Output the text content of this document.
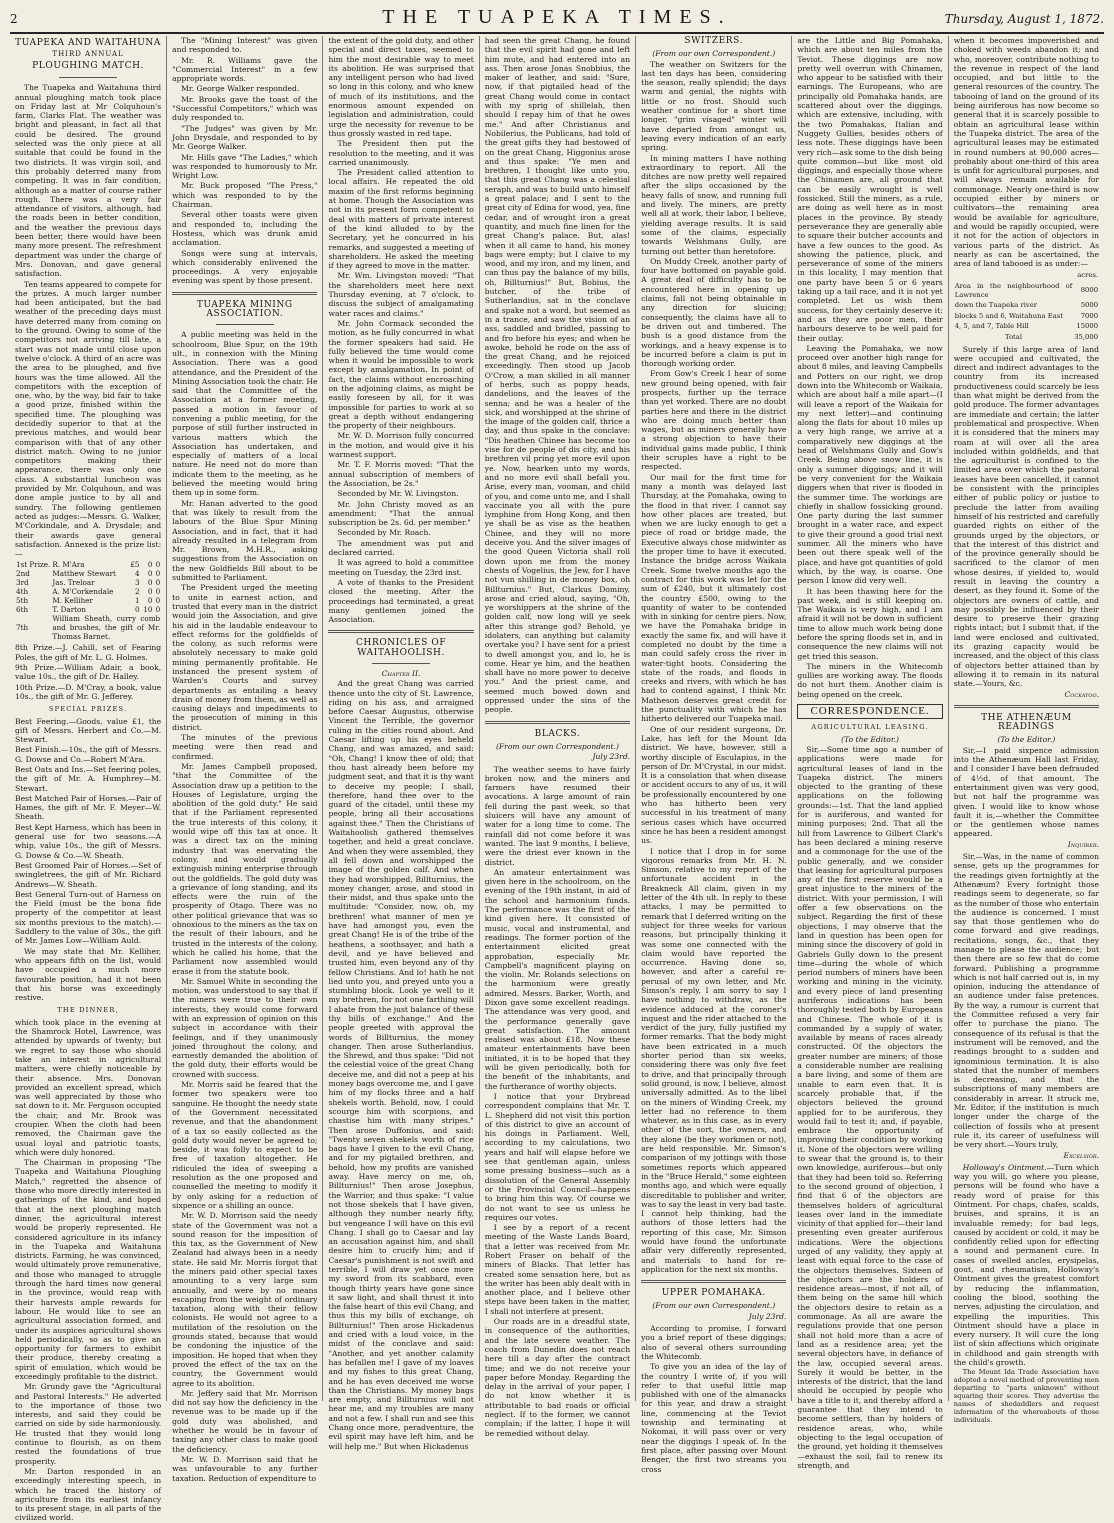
2	THE TUAPEKA TIMES.	Thursday, August 1, 1872.
TUAPEKA AND WAITAHUNA
THIRD ANNUAL
PLOUGHING MATCH.

The Tuapeka and Waitahuna third annual ploughing match took place on Friday last at Mr Colquhoun's farm, Clarks Flat. The weather was bright and pleasant, in fact all that could be desired. The ground selected was the only piece at all suitable that could be found in the two districts. It was virgin soil, and this probably deterred many from competing. It was in fair condition, although as a matter of course rather rough. There was a very fair attendance of visitors, although, had the roads been in better condition, and the weather the previous days been better, there would have been many more present. The refreshment department was under the charge of Mrs. Donovan, and gave general satisfaction.

Ten teams appeared to compete for the prizes. A much larger number had been anticipated, but the bad weather of the preceding days must have deterred many from coming on to the ground. Owing to some of the competitors not arriving till late, a start was not made until close upon twelve o'clock. A third of an acre was the area to be ploughed, and five hours was the time allowed. All the competitors with the exception of one, who, by the way, bid fair to take a good prize, finished within the specified time. The ploughing was decidedly superior to that at the previous matches, and would bear comparison with that of any other district match. Owing to no junior competitors making their appearance, there was only one class. A substantial luncheon was provided by Mr. Colquhoun, and was done ample justice to by all and sundry. The following gentlemen acted as judges:—Messrs. G. Walker, M'Corkindale, and A. Drysdale; and their awards gave general satisfaction. Annexed is the prize list:—

1st Prize.	R. M'Ara	£5	0	0
2nd	Matthew Stewart	4	0	0
3rd	Jas. Treloar	3	0	0
4th	A. M'Corkendale	2	0	0
5th	M. Kelliher	1	0	0
6th	T. Darton	0	10	0
7th	William Sheath, curry comb and brushes, the gift of Mr. Thomas Barnet.			

8th Prize.—J. Cahill, set of Fearing Poles, the gift of Mr. L. G. Holmes.

9th Prize.—William Adair, a book, value 10s., the gift of Dr. Halley.

10th Prize.—D. M'Cray, a book, value 10s., the gift of Mr. G. Jefferey.

SPECIAL PRIZES.

Best Feering.—Goods, value £1, the gift of Messrs. Herbert and Co.—M. Stewart.

Best Finish.—10s., the gift of Messrs. G. Dowse and Co.—Robert M'Ara.

Best Oats and Ins.—Set feering poles, the gift of Mr. A. Humphrey—M. Stewart.

Best Matched Pair of Horses.—Pair of Hames, the gift of Mr. F. Meyer—W. Sheath.

Best Kept Harness, which has been in general use for two seasons.—A whip, value 10s., the gift of Messrs. G. Dowse & Co.—W. Sheath.

Best Groomed Pair of Horses.—Set of swingletrees, the gift of Mr. Richard Andrews—W. Sheath.

Best General Turn-out of Harness on the Field (must be the bona fide property of the competitor at least six months previous to the match).—Saddlery to the value of 30s., the gift of Mr. James Low—William Auld.

We may state that Mr. Kelliher, who appears fifth on the list, would have occupied a much more favourable position, had it not been that his horse was exceedingly restive.

THE DINNER,

which took place in the evening at the Shamrock Hotel, Lawrence, was attended by upwards of twenty; but we regret to say those who should take an interest in agricultural matters, were chiefly noticeable by their absence. Mrs. Donovan provided an excellent spread, which was well appreciated by those who sat down to it. Mr. Ferguson occupied the chair, and Mr. Brook was croupier. When the cloth had been removed, the Chairman gave the usual loyal and patriotic toasts, which were duly honored.

The Chairman in proposing "The Tuapeka and Waitahuna Ploughing Match," regretted the absence of those who more directly interested in gatherings of the kind, and hoped that at the next ploughing match dinner, the agricultural interest would be properly represented. He considered agriculture in its infancy in the Tuapeka and Waitahuna districts. Farming, he was convinced, would ultimately prove remunerative, and those who managed to struggle through the hard times now general in the province, would reap with their harvests ample rewards for labour. He would like to see an agricultural association formed, and under its auspices agricultural shows held periodically, so as to give an opportunity for farmers to exhibit their produce, thereby creating a spirit of emulation, which would be exceedingly profitable to the district.

Mr. Grundy gave the "Agricultural and Pastoral Interests." He adverted to the importance of those two interests, and said they could be carried on side by side harmoniously. He trusted that they would long continue to flourish, as on them rested the foundations of true prosperity.

Mr. Darton responded in an exceedingly interesting speech, in which he traced the history of agriculture from its earliest infancy to its present stage, in all parts of the civilized world.

The "Mining Interest" was given and responded to.

Mr. R. Williams gave the "Commercial Interest" in a few appropriate words.

Mr. George Walker responded.

Mr. Brooks gave the toast of the "Successful Competitors," which was duly responded to.

"The Judges" was given by Mr. John Drysdale, and responded to by Mr. George Walker.

Mr. Hills gave "The Ladies," which was responded to humorously to Mr. Wright Low.

Mr. Buck proposed "The Press," which was responded to by the Chairman.

Several other toasts were given and responded to, including the Hostess, which was drunk amid acclamation.

Songs were sung at intervals, which considerably enlivened the proceedings. A very enjoyable evening was spent by those present.

TUAPEKA MINING ASSOCIATION.

A public meeting was held in the schoolroom, Blue Spur, on the 19th ult., in connexion with the Mining Association. There was a good attendance, and the President of the Mining Association took the chair. He said that the Committee of the Association at a former meeting, passed a motion in favour of convening a public meeting, for the purpose of still further instructed in various matters which the Association has undertaken, and especially of matters of a local nature. He need not do more than indicate them to the meeting, as he believed the meeting would bring them up in some form.

Mr. Hanan adverted to the good that was likely to result from the labours of the Blue Spur Mining Association, and in fact, that it had already resulted in a telegram from Mr. Brown, M.H.R., asking suggestions from the Association on the new Goldfields Bill about to be submitted to Parliament.

The President urged the meeting to unite in earnest action, and trusted that every man in the district would join the Association, and give his aid in the laudable endeavour to effect reforms for the goldfields of the colony, as such reforms were absolutely necessary to make gold mining permanently profitable. He instanced the present system of Warden's Courts and survey departments as entailing a heavy drain of money from them, as well as causing delays and impediments to the prosecution of mining in this district.

The minutes of the previous meeting were then read and confirmed.

Mr. James Campbell proposed, "that the Committee of the Association draw up a petition to the Houses of Legislature, urging the abolition of the gold duty." He said that if the Parliament represented the true interests of this colony, it would wipe off this tax at once. It was a direct tax on the mining industry that was enervating the colony, and would gradually extinguish mining enterprise through out the goldfields. The gold duty was a grievance of long standing, and its effects were the ruin of the prosperity of Otago. There was no other political grievance that was so obnoxious to the miners as the tax on the result of their labours, and he trusted in the interests of the colony, which he called his home, that the Parliament now assembled would erase it from the statute book.

Mr. Samuel White in seconding the motion, was understood to say that if the miners were true to their own interests, they would come forward with an expression of opinion on this subject in accordance with their feelings, and if they unanimously joined throughout the colony, and earnestly demanded the abolition of the gold duty, their efforts would be crowned with success.

Mr. Morris said he feared that the former two speakers were too sanguine. He thought the needy state of the Government necessitated revenue, and that the abandonment of a tax so easily collected as the gold duty would never be agreed to; beside, it was folly to expect to be free of taxation altogether. He ridiculed the idea of sweeping a resolution as the one proposed and counselled the meeting to modify it by only asking for a reduction of sixpence or a shilling an ounce.

Mr. W. D. Morrison said the needy state of the Government was not a sound reason for the imposition of this tax, as the Government of New Zealand had always been in a needy state. He said Mr. Morris forgot that the miners paid other special taxes amounting to a very large sum annually, and were by no means escaping from the weight of ordinary taxation, along with their fellow colonists. He would not agree to a mutilation of the resolution on the grounds stated, because that would be condoning the injustice of the imposition. He hoped that when they proved the effect of the tax on the country, the Government would agree to its abolition.

Mr. Jeffery said that Mr. Morrison did not say how the deficiency in the revenue was to be made up if the gold duty was abolished, and whether he would be in favour of taxing any other class to make good the deficiency.

Mr. W. D. Morrison said that he was unfavourable to any further taxation. Reduction of expenditure to

the extent of the gold duty, and other special and direct taxes, seemed to him the most desirable way to meet its abolition. He was surprised that any intelligent person who had lived so long in this colony, and who knew of much of its institutions, and the enormous amount expended on legislation and administration, could urge the necessity for revenue to be thus grossly wasted in red tape.

The President then put the resolution to the meeting, and it was carried unanimously.

The President called attention to local affairs. He repeated the old maxim of the first reforms beginning at home. Though the Association was not in its present form competent to deal with matters of private interest of the kind alluded to by the Secretary, yet he concurred in his remarks, and suggested a meeting of shareholders. He asked the meeting if they agreed to move in the matter.

Mr. Wm. Livingston moved: "That the shareholders meet here next Thursday evening, at 7 o'clock, to discuss the subject of amalgamating water races and claims."

Mr. John Cormack seconded the motion, as he fully concurred in what the former speakers had said. He fully believed the time would come when it would be impossible to work except by amalgamation. In point of fact, the claims without encroaching on the adjoining claims, as might be easily foreseen by all, for it was impossible for parties to work at so great a depth without endangering the property of their neighbours.

Mr. W. D. Morrison fully concurred in the motion, and would give it his warmest support.

Mr. T. F. Morris moved: "That the annual subscription of members of the Association, be 2s."

Seconded by Mr. W. Livingston.

Mr. John Christy moved as an amendment: "That the annual subscription be 2s. 6d. per member."

Seconded by Mr. Roach.

The amendment was put and declared carried.

It was agreed to hold a committee meeting on Tuesday, the 23rd inst.

A vote of thanks to the President closed the meeting. After the proceedings had terminated, a great many gentlemen joined the Association.

CHRONICLES OF WAITAHOOLISH.
Chapter II.

And the great Chang was carried thence unto the city of St. Lawrence, riding on his ass, and arraigned before Caesar Augustus, otherwise Vincent the Terrible, the governor ruling in the cities round about. And Caesar lifting up his eyes beheld Chang, and was amazed, and said: "Oh, Chang! I know thee of old; that thou hast already been before my judgment seat, and that it is thy want to deceive my people; I shall, therefore, hand thee over to the guard of the citadel, until these my people, bring all their accusations against thee." Then the Christians of Waitahoolish gathered themselves together, and held a great conclave. And when they were assembled, they all fell down and worshipped the image of the golden calf. And when they had worshipped, Billturnius, the money changer, arose, and stood in their midst, and thus spake unto the multitude: "Consider, now, oh, my brethren! what manner of men ye have had amongst you, even the great Chang! He is of the tribe of the heathens, a soothsayer, and hath a devil, and ye have believed and trusted him, even beyond any of thy fellow Christians. And lo! hath he not lied unto you, and preyed unto you a stumbling block. Look ye well to it my brethren, for not one farthing will I abate from the just balance of these thy bills of exchange." And the people greeted with approval the words of Billturnius, the money changer. Then arose Sutherlandius, the Shrewd, and thus spake: "Did not the celestial voice of the great Chang deceive me, and did not a peep at his money bags overcome me, and I gave him of my flocks three and a half shekels worth. Behold, now, I could scourge him with scorpions, and chastise him with many stripes." Then arose Duffonius, and said: "Twenty seven shekels worth of rice bags have I given to the evil Chang, and for my pigtailed brethren, and behold, how my profits are vanished away. Have mercy on me, oh, Billturnius!" Then arose Josephus, the Warrior, and thus spake: "I value not those shekels that I have given, although they number nearly fifty, but vengeance I will have on this evil Chang. I shall go to Caesar and lay an accusation against him, and shall desire him to crucify him; and if Caesar's punishment is not swift and terrible, I will draw yet once more my sword from its scabbard, even though thirty years have gone since it saw light, and shall thrust it into the false heart of this evil Chang, and thus this my bills of exchange, oh Billturnius!" Then arose Hickadenus and cried with a loud voice, in the midst of the conclave and said: "Another, and yet another calamity has befallen me! I gave of my loaves and my fishes to this great Chang, and he has even deceived me worse than the Christians. My money bags are empty, and Billturnius will not hear me, and my troubles are many and not a few. I shall run and see this Chang once more, peradventure, the evil spirit may have left him, and he will help me." But when Hickadenus

had seen the great Chang, he found that the evil spirit had gone and left him mute, and had entered into an ass. Then arose Jonas Snobbius, the maker of leather, and said: "Sure, now, if that pigtailed head of the great Chang would come in contact with my sprig of shillelah, then should I repay him of that he owes me." And after Christianus and Nobilerius, the Publicans, had told of the great gifts they had bestowed of on the great Chang, Higgonius arose and thus spake: "Ye men and brethren, I thought like unto you, that this great Chang was a celestial seraph, and was to build unto himself a great palace; and I sent to the great city of Edina for wood, yea, fine cedar, and of wrought iron a great quantity, and much fine linen for the great Chang's palace. But, alas! when it all came to hand, his money bags were empty; but I claive to my wood, and my iron, and my linen, and can thus pay the balance of my bills, oh, Billturnius!" But, Bobius, the butcher, of the tribe of Sutherlandius, sat in the conclave and spake not a word, but seemed as in a trance, and saw the vision of an ass, saddled and bridled, passing to and fro before his eyes; and when he awoke, behold he rode on the ass of the great Chang, and he rejoiced exceedingly. Then stood up Jacob O'Crow, a man skilled in all manner of herbs, such as poppy heads, dandelions, and the leaves of the senna; and he was a healer of the sick, and worshipped at the shrine of the image of the golden calf, thrice a day, and thus spake in the conclave: "Dis heathen Chinee has become too vise for de people of dis city, and his brethren vil pring yet more evil upon ye. Now, hearken unto my words, and no more evil shall befall you. Arise, every man, vooman, and child of you, and come unto me, and I shall vaccinate you all with the pure lymphine from Hong Kong, and then ye shall be as vise as the heathen Chinee, and they will no more deceive you. And the silver images of the good Queen Victoria shall roll down upon me from the money chests of Vogelius, the Jew, for I have not vun shilling in de money box, oh Billturnius." But, Clarkus Dominy, arose and cried aloud, saying, "Oh, ye worshippers at the shrine of the golden calf, now long will ye seek after this strange god? Behold, ye idolaters, can anything but calamity overtake you? I have sent for a priest to dwell amongst you, and lo, he is come. Hear ye him, and the heathen shall have no more power to deceive you." And the priest came, and seemed much bowed down and oppressed under the sins of the people.

BLACKS.
(From our own Correspondent.)
July 23rd.

The weather seems to have fairly broken now, and the miners and farmers have resumed their avocations. A large amount of rain fell during the past week, so that sluicers will have any amount of water for a long time to come. The rainfall did not come before it was wanted. The last 9 months, I believe, were the driest ever known in the district.

An amateur entertainment was given here in the schoolroom, on the evening of the 19th instant, in aid of the school and harmonium funds. The performance was the first of the kind given here. It consisted of music, vocal and instrumental, and readings. The former portion of the entertainment elicited great approbation, especially Mr. Campbell's magnificent playing on the violin. Mr. Rolands selections on the harmonium were greatly admired. Messrs. Barker, Worth, and Dixon gave some excellent readings. The attendance was very good, and the performance generally gave great satisfaction. The amount realised was about £18. Now these amateur entertainments have been initiated, it is to be hoped that they will be given periodically, both for the benefit of the inhabitants, and the furtherance of worthy objects.

I notice that your Drybread correspondent complains that Mr. T. L. Shepherd did not visit this portion of this district to give an account of his doings in Parliament. Well, according to my calculations, two years and half will elapse before we see that gentleman again, unless some pressing business—such as a dissolution of the General Assembly or the Provincial Council—happens to bring him this way. Of course we do not want to see us unless he requires our votes.

I see by a report of a recent meeting of the Waste Lands Board, that a letter was received from Mr. Robert Fraser on behalf of the miners of Blacks. That letter has created some sensation here, but as the writer has been ably dealt with in another place, and I believe other steps have been taken in the matter, I shall not interfere at present.

Our roads are in a dreadful state, in consequence of the authorities, and the late severe weather. The coach from Dunedin does not reach here till a day after the contract time; and we do not receive your paper before Monday. Regarding the delay in the arrival of your paper, I do not know whether it is attributable to bad roads or official neglect. If to the former, we cannot complain; if the latter, I hope it will be remedied without delay.

SWITZERS.
(From our own Correspondent.)

The weather on Switzers for the last ten days has been, considering the season, really splendid; the days warm and genial, the nights with little or no frost. Should such weather continue for a short time longer, "grim visaged" winter will have departed from amongst us, leaving every indication of an early spring.

In mining matters I have nothing extraordinary to report. All the ditches are now pretty well repaired after the slips occasioned by the heavy falls of snow, and running full and lively. The miners, are pretty well all at work, their labor, I believe, yielding average results. It is said some of the claims, especially towards Welshmans Gully, are turning out better than heretofore.

On Muddy Creek, another party of four have bottomed on payable gold. A great deal of difficulty has to be encountered here in opening up claims, fall not being obtainable in any direction for sluicing; consequently, the claims have all to be driven out and timbered. The bush is a good distance from the workings, and a heavy expense is to be incurred before a claim is put in thorough working order.

From Gow's Creek I hear of some new ground being opened, with fair prospects, further up the terrace than yet worked. There are no doubt parties here and there in the district who are doing much better than wages, but as miners generally have a strong objection to have their individual gains made public, I think their scruples have a right to be respected.

Our mail for the first time for many a month was delayed last Thursday, at the Pomahaka, owing to the flood in that river. I cannot say how other places are treated, but when we are lucky enough to get a piece of road or bridge made, the Executive always chose midwinter as the proper time to have it executed. Instance the bridge across Waikaia Creek. Some twelve months ago the contract for this work was let for the sum of £240, but it ultimately cost the country £500, owing to the quantity of water to be contended with in sinking for centre piers. Now, we have the Pomahaka bridge in exactly the same fix, and will have it completed no doubt by the time a man could safely cross the river in water-tight boots. Considering the state of the roads, and floods in creeks and rivers, with which he has had to contend against, I think Mr. Matheson deserves great credit for the punctuality with which he has hitherto delivered our Tuapeka mail.

One of our resident surgeons, Dr. Lake, has left for the Mount Ida district. We have, however, still a worthy disciple of Esculapius, in the person of Dr. M'Crystal, in our midst. It is a consolation that when disease or accident occurs to any of us, it will be professionally encountered by one who has hitherto been very successful in his treatment of many serious cases which have occurred since he has been a resident amongst us.

I notice that I drop in for some vigorous remarks from Mr. H. N. Simson, relative to my report of the unfortunate accident in the Breakneck All claim, given in my letter of the 4th ult. In reply to these attacks, I may be permitted to remark that I deferred writing on the subject for three weeks for various reasons, but principally thinking it was some one connected with the claim would have reported the occurrence. Having done so, however, and after a careful re-perusal of my own letter, and Mr. Simson's reply, I am sorry to say I have nothing to withdraw, as the evidence adduced at the coroner's inquest and the rider attached to the verdict of the jury, fully justified my former remarks. That the body might have been extricated in a much shorter period than six weeks, considering there was only five feet to drive, and that principally through solid ground, is now, I believe, almost universally admitted. As to the libel on the miners of Winding Creek, my letter had no reference to them whatever, as in this case, as in every other of the sort, the owners, and they alone (be they workmen or not), are held responsible. Mr. Simson's comparison of my jottings with those sometimes reports which appeared in the "Bruce Herald," some eighteen months ago, and which were equally discreditable to publisher and writer, was to say the least in very bad taste. I cannot help thinking, had the authors of those letters had the reporting of this case, Mr. Simson would have found the unfortunate affair very differently represented, and materials to hand for re-application for the next six months.

UPPER POMAHAKA.
(From our own Correspondent.)
July 23rd.

According to promise, I forward you a brief report of these diggings; also of several others surrounding the Whitecomb.

To give you an idea of the lay of the country I write of, if you will refer to that useful little map published with one of the almanacks for this year, and draw a straight line, commencing at the Teviot township and terminating at Nokomai, it will pass over or very near the diggings I speak of. In the first place, after passing over Mount Benger, the first two streams you cross

are the Little and Big Pomahaka, which are about ten miles from the Teviot. These diggings are now pretty well overrun with Chinamen, who appear to be satisfied with their earnings. The Europeans, who are principally old Pomahaka hands, are scattered about over the diggings, which are extensive, including, with the two Pomahakas, Italian and Nuggety Gullies, besides others of less note. These diggings have been very rich—ask some to the dish being quite common—but like most old diggings, and especially those where the Chinamen are, all ground that can be easily wrought is well fossicked. Still the miners, as a rule, are doing as well here as in most places in the province. By steady perseverance they are generally able to square their butcher accounts and have a few ounces to the good. As showing the patience, pluck, and perseverance of some of the miners in this locality, I may mention that one party have been 5 or 6 years taking up a tail race, and it is not yet completed. Let us wish them success, for they certainly deserve it; and as they are poor men, their harbours deserve to be well paid for their outlay.

Leaving the Pomahaka, we now proceed over another high range for about 8 miles, and leaving Campbells and Potters on our right, we drop down into the Whitecomb or Waikaia, which are about half a mile apart—(I will leave a report of the Waikaia for my next letter)—and continuing along the flats for about 10 miles up a very high range, we arrive at a comparatively new diggings at the head of Welshmans Gully and Gow's Creek. Being above snow line, it is only a summer diggings; and it will be very convenient for the Waikaia diggers when that river is flooded in the summer time. The workings are chiefly in shallow fossicking ground. One party during the last summer brought in a water race, and expect to give their ground a good trial next summer. All the miners who have been out there speak well of the place, and have got quantities of gold which, by the way, is coarse. One person I know did very well.

It has been thawing here for the past week, and is still keeping on. The Waikaia is very high, and I am afraid it will not be down in sufficient time to allow much work being done before the spring floods set in, and in consequence the new claims will not get tried this season.

The miners in the Whitecomb gullies are working away. The floods do not hurt them. Another claim is being opened on the creek.

CORRESPONDENCE.
AGRICULTURAL LEASING.
(To the Editor.)

Sir,—Some time ago a number of applications were made for agricultural leases of land in the Tuapeka district. The miners objected to the granting of these applications on the following grounds:—1st. That the land applied for is auriferous, and wanted for mining purposes; 2nd. That all the hill from Lawrence to Gilbert Clark's has been declared a mining reserve and a commonage for the use of the public generally, and we consider that leasing for agricultural purposes any of the first reserve would be a great injustice to the miners of the district. With your permission, I will offer a few observations on the subject. Regarding the first of these objections, I may observe that the land in question has been open for mining since the discovery of gold in Gabriels Gully down to the present time—during the whole of which period numbers of miners have been working and mining in the vicinity, and every piece of land presenting auriferous indications has been thoroughly tested both by Europeans and Chinese. The whole of it is commanded by a supply of water, available by means of races already constructed. Of the objectors the greater number are miners; of those a considerable number are realising a bare living, and some of them are unable to earn even that. It is scarcely probable that, if the objectors believed the ground applied for to be auriferous, they would fail to test it; and, if payable, embrace the opportunity of improving their condition by working it. None of the objectors were willing to swear that the ground is, to their own knowledge, auriferous—but only that they had been told so. Referring to the second ground of objection, I find that 6 of the objectors are themselves holders of agricultural leases over land in the immediate vicinity of that applied for—their land presenting even greater auriferous indications. Were the objections urged of any validity, they apply at least with equal force to the case of the objectors themselves. Sixteen of the objectors are the holders of residence areas—most, if not all, of them being on the same hill which the objectors desire to retain as a commonage. As all are aware the regulations provide that one person shall not hold more than a acre of land as a residence area; yet the several objectors have, in defiance of the law, occupied several areas. Surely it would be better, in the interests of the district, that the land should be occupied by people who have a title to it, and thereby afford a guarantee that they intend to become settlers, than by holders of residence areas, who, while objecting to the legal occupation of the ground, yet holding it themselves—exhaust the soil, fail to renew its strength, and

when it becomes impoverished and choked with weeds abandon it; and who, moreover, contribute nothing to the revenue in respect of the land occupied, and but little to the general resources of the country. The tabooing of land on the ground of its being auriferous has now become so general that it is scarcely possible to obtain an agricultural lease within the Tuapeka district. The area of the agricultural leases may be estimated in round numbers at 90,000 acres—probably about one-third of this area is unfit for agricultural purposes, and will always remain available for commonage. Nearly one-third is now occupied either by miners or cultivators—the remaining area would be available for agriculture, and would be rapidly occupied, were it not for the action of objectors in various parts of the district. As nearly as can be ascertained, the area of land tabooed is as under:—

	acres.
Area in the neighbourhood of Lawrence	8000
down the Tuapeka river	5000
blocks 5 and 6, Waitahuna East	7000
4, 5, and 7, Table Hill	15000
Total	35,000

Surely if this large area of land were occupied and cultivated, the direct and indirect advantages to the country from its increased productiveness could scarcely be less than what might be derived from the gold produce. The former advantages are immediate and certain; the latter problematical and prospective. When it is considered that the miners may roam at will over all the area included within goldfields, and that the agriculturist is confined to the limited area over which the pastoral leases have been cancelled, it cannot be consistent with the principles either of public policy or justice to preclude the latter from availing himself of his restricted and carefully guarded rights on either of the grounds urged by the objectors, or that the interest of this district and of the province generally should be sacrificed to the clamor of men whose desires, if yielded to, would result in leaving the country a desert, as they found it. Some of the objectors are owners of cattle, and may possibly be influenced by their desire to preserve their grazing rights intact; but I submit that, if the land were enclosed and cultivated, its grazing capacity would be increased, and the object of this class of objectors better attained than by allowing it to remain in its natural state.—Yours, &c.

Cockatoo.
THE ATHENÆUM READINGS
(To the Editor.)

Sir,—I paid sixpence admission into the Athenæum Hall last Friday, and I consider I have been defrauded of 4½d. of that amount. The entertainment given was very good, but not half the programme was given. I would like to know whose fault it is,—whether the Committee or the gentlemen whose names appeared.

Inquirer.

Sir,—Was, in the name of common sense, gets up the programmes for the readings given fortnightly at the Athenæum? Every fortnight those readings seem to degenerate, so far as the number of those who entertain the audience is concerned. I must say that those gentlemen who do come forward and give readings, recitations, songs, &c., that they manage to please the audience; but then there are so few that do come forward. Publishing a programme which is not half carried out is, in my opinion, inducing the attendance of an audience under false pretences. By the way, a rumour is current that the Committee refused a very fair offer to purchase the piano. The consequence of its refusal is that the instrument will be removed, and the readings brought to a sudden and ignominious termination. It is also stated that the number of members is decreasing, and that the subscriptions of many members are considerably in arrear. It struck me, Mr. Editor, if the institution is much longer under the charge of the collection of fossils who at present rule it, its career of usefulness will be very short.—Yours truly,

Excelsior.

Holloway's Ointment.—Turn which way you will, go where you please, persons will be found who have a ready word of praise for this Ointment. For chaps, chafes, scalds, bruises, and sprains, it is an invaluable remedy; for bad legs, caused by accident or cold, it may be confidently relied upon for effecting a sound and permanent cure. In cases of swelled ancles, erysipelas, gout, and rheumatism, Holloway's Ointment gives the greatest comfort by reducing the inflammation, cooling the blood, soothing the nerves, adjusting the circulation, and expelling the impurities. This Ointment should have a place in every nursery. It will cure the long list of skin affections which originate in childhood and gain strength with the child's growth.

The Mount Ida Trade Association have adopted a novel method of preventing men departing to "parts unknown" without squaring their scores. They advertise the names of shedaddlers and request information of the whereabouts of those individuals.
